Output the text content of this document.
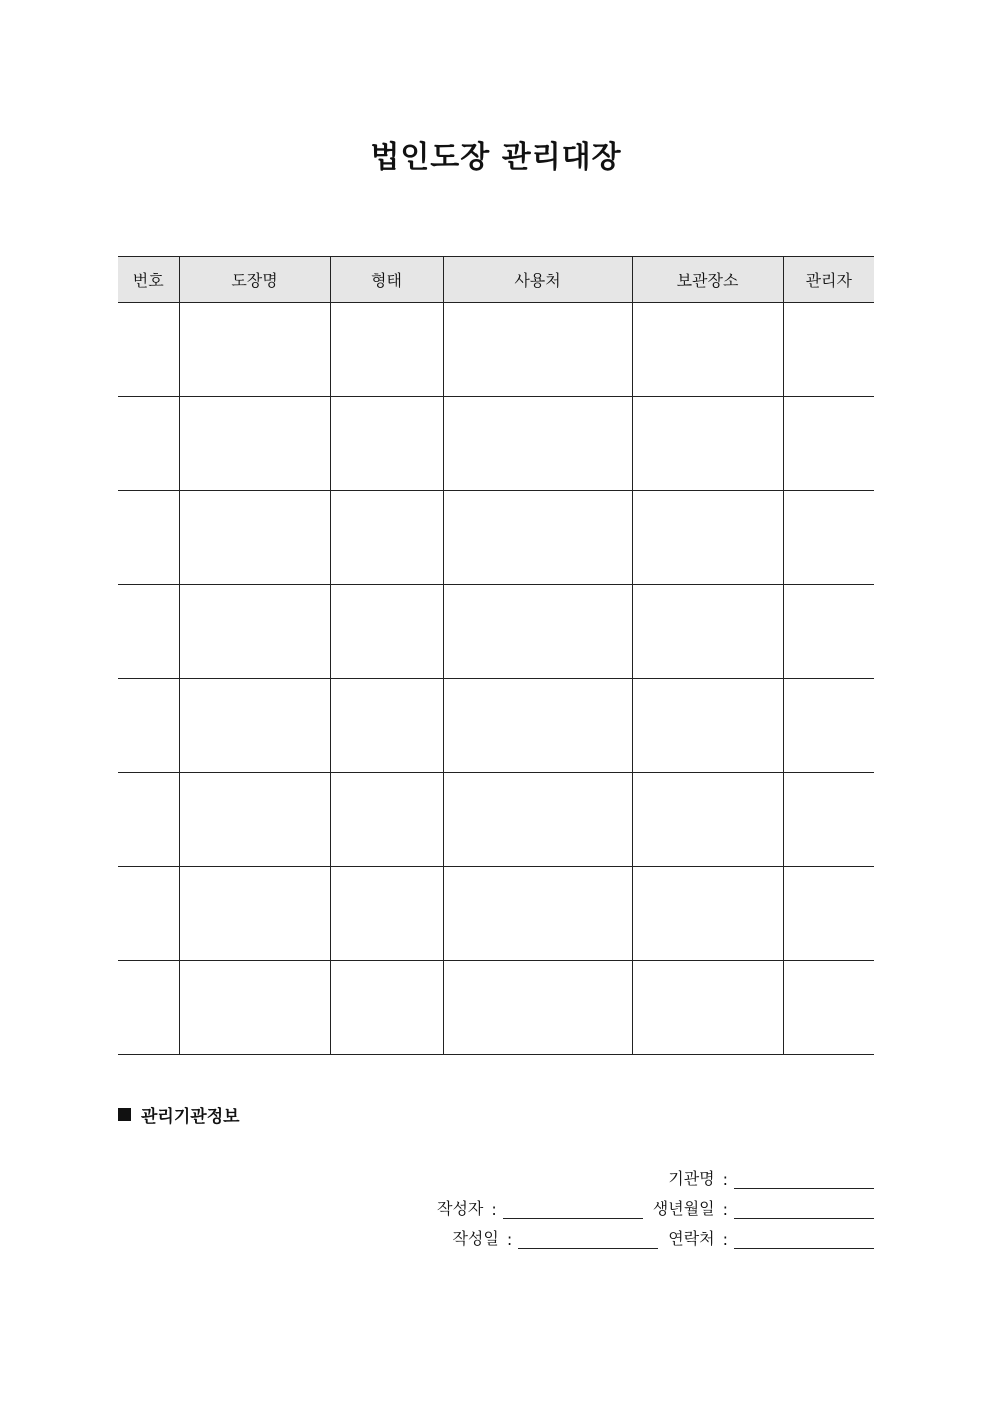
법인도장 관리대장
번호	도장명	형태	사용처	보관장소	관리자

관리기관정보
기관명 :
작성자 :	생년월일 :
작성일 :	연락처 :
